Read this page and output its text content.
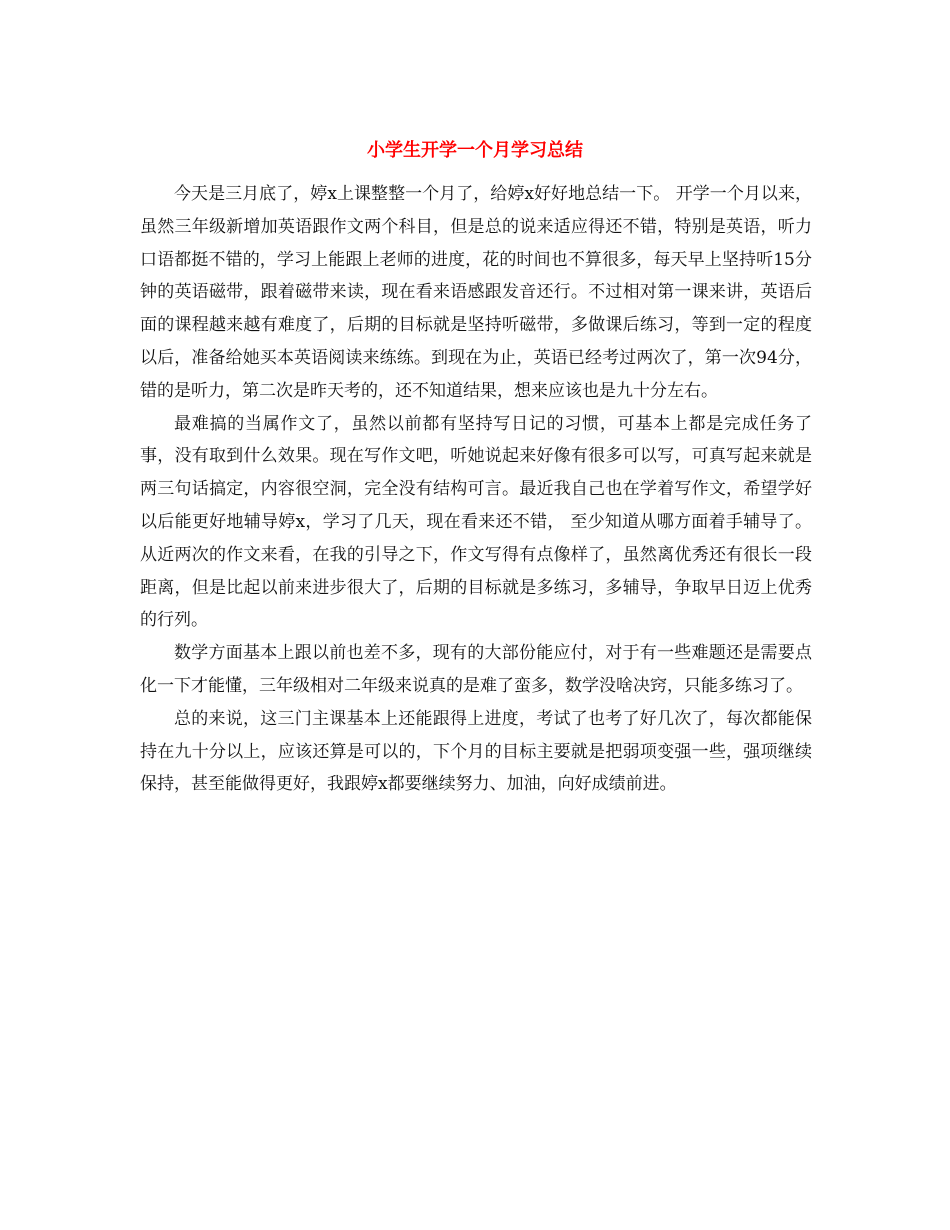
小学生开学一个月学习总结

今天是三月底了，婷x上课整整一个月了，给婷x好好地总结一下。 开学一个月以来，虽然三年级新增加英语跟作文两个科目，但是总的说来适应得还不错，特别是英语，听力口语都挺不错的，学习上能跟上老师的进度，花的时间也不算很多，每天早上坚持听15分钟的英语磁带，跟着磁带来读，现在看来语感跟发音还行。不过相对第一课来讲，英语后面的课程越来越有难度了，后期的目标就是坚持听磁带，多做课后练习，等到一定的程度以后，准备给她买本英语阅读来练练。到现在为止，英语已经考过两次了，第一次94分，错的是听力，第二次是昨天考的，还不知道结果，想来应该也是九十分左右。

最难搞的当属作文了，虽然以前都有坚持写日记的习惯，可基本上都是完成任务了事，没有取到什么效果。现在写作文吧，听她说起来好像有很多可以写，可真写起来就是两三句话搞定，内容很空洞，完全没有结构可言。最近我自己也在学着写作文，希望学好以后能更好地辅导婷x，学习了几天，现在看来还不错， 至少知道从哪方面着手辅导了。从近两次的作文来看，在我的引导之下，作文写得有点像样了，虽然离优秀还有很长一段距离，但是比起以前来进步很大了，后期的目标就是多练习，多辅导，争取早日迈上优秀的行列。

数学方面基本上跟以前也差不多，现有的大部份能应付，对于有一些难题还是需要点化一下才能懂，三年级相对二年级来说真的是难了蛮多，数学没啥决窍，只能多练习了。

总的来说，这三门主课基本上还能跟得上进度，考试了也考了好几次了，每次都能保持在九十分以上，应该还算是可以的，下个月的目标主要就是把弱项变强一些，强项继续保持，甚至能做得更好，我跟婷x都要继续努力、加油，向好成绩前进。
